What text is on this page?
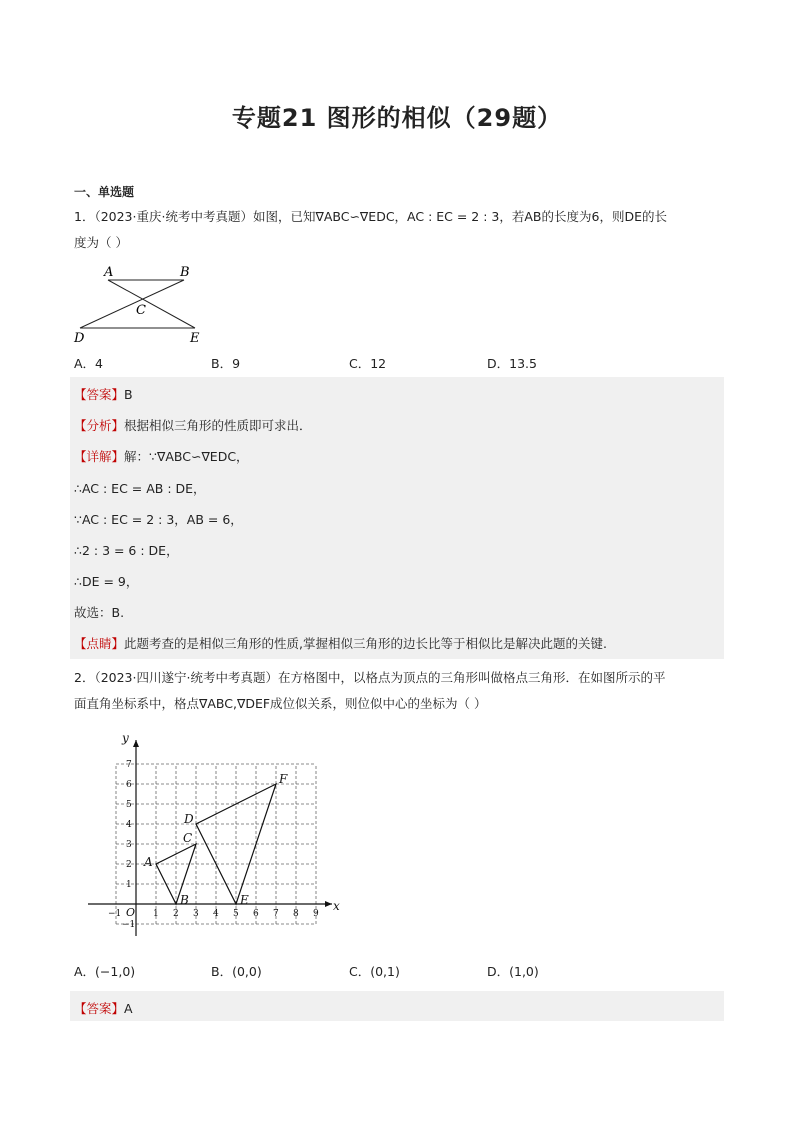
专题21 图形的相似（29题）
一、单选题
1．（2023·重庆·统考中考真题）如图，已知∇ABC∽∇EDC，AC : EC = 2 : 3，若AB的长度为6，则DE的长
度为（ ）
A	B
C
D	E
A．4	B．9	C．12	D．13.5
【答案】B
【分析】根据相似三角形的性质即可求出．
【详解】解：∵∇ABC∽∇EDC，
∴AC : EC = AB : DE，
∵AC : EC = 2 : 3，AB = 6，
∴2 : 3 = 6 : DE，
∴DE = 9，
故选：B.
【点睛】此题考查的是相似三角形的性质,掌握相似三角形的边长比等于相似比是解决此题的关键.
2．（2023·四川遂宁·统考中考真题）在方格图中，以格点为顶点的三角形叫做格点三角形．在如图所示的平
面直角坐标系中，格点∇ABC,∇DEF成位似关系，则位似中心的坐标为（ ）
x
y
O
−1	1 2 3 4 5 6 7 8 9
−1
1
2
3
4
5
6
7
A
B
C
D
E
F
A．(−1,0)	B．(0,0)	C．(0,1)	D．(1,0)
【答案】A
